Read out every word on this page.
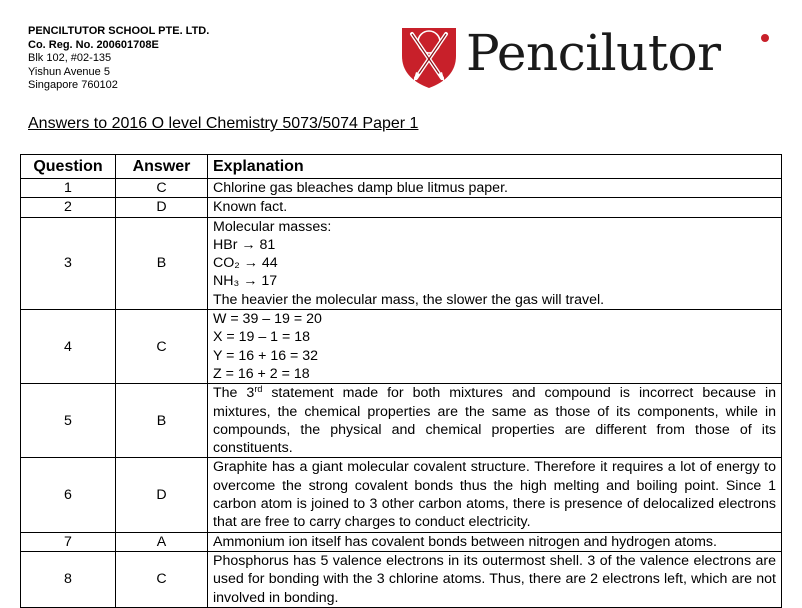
PENCILTUTOR SCHOOL PTE. LTD.
Co. Reg. No. 200601708E
Blk 102, #02-135
Yishun Avenue 5
Singapore 760102
Pencilutor
Answers to 2016 O level Chemistry 5073/5074 Paper 1
Question	Answer	Explanation
1	C	Chlorine gas bleaches damp blue litmus paper.
2	D	Known fact.
3	B	Molecular masses:
HBr → 81
CO₂ → 44
NH₃ → 17
The heavier the molecular mass, the slower the gas will travel.

4	C	W = 39 – 19 = 20
X = 19 – 1 = 18
Y = 16 + 16 = 32
Z = 16 + 2 = 18

5	B	The 3rd statement made for both mixtures and compound is incorrect because in mixtures, the chemical properties are the same as those of its components, while in compounds, the physical and chemical properties are different from those of its constituents.
6	D	Graphite has a giant molecular covalent structure. Therefore it requires a lot of energy to overcome the strong covalent bonds thus the high melting and boiling point. Since 1 carbon atom is joined to 3 other carbon atoms, there is presence of delocalized electrons that are free to carry charges to conduct electricity.
7	A	Ammonium ion itself has covalent bonds between nitrogen and hydrogen atoms.
8	C	Phosphorus has 5 valence electrons in its outermost shell. 3 of the valence electrons are used for bonding with the 3 chlorine atoms. Thus, there are 2 electrons left, which are not involved in bonding.
